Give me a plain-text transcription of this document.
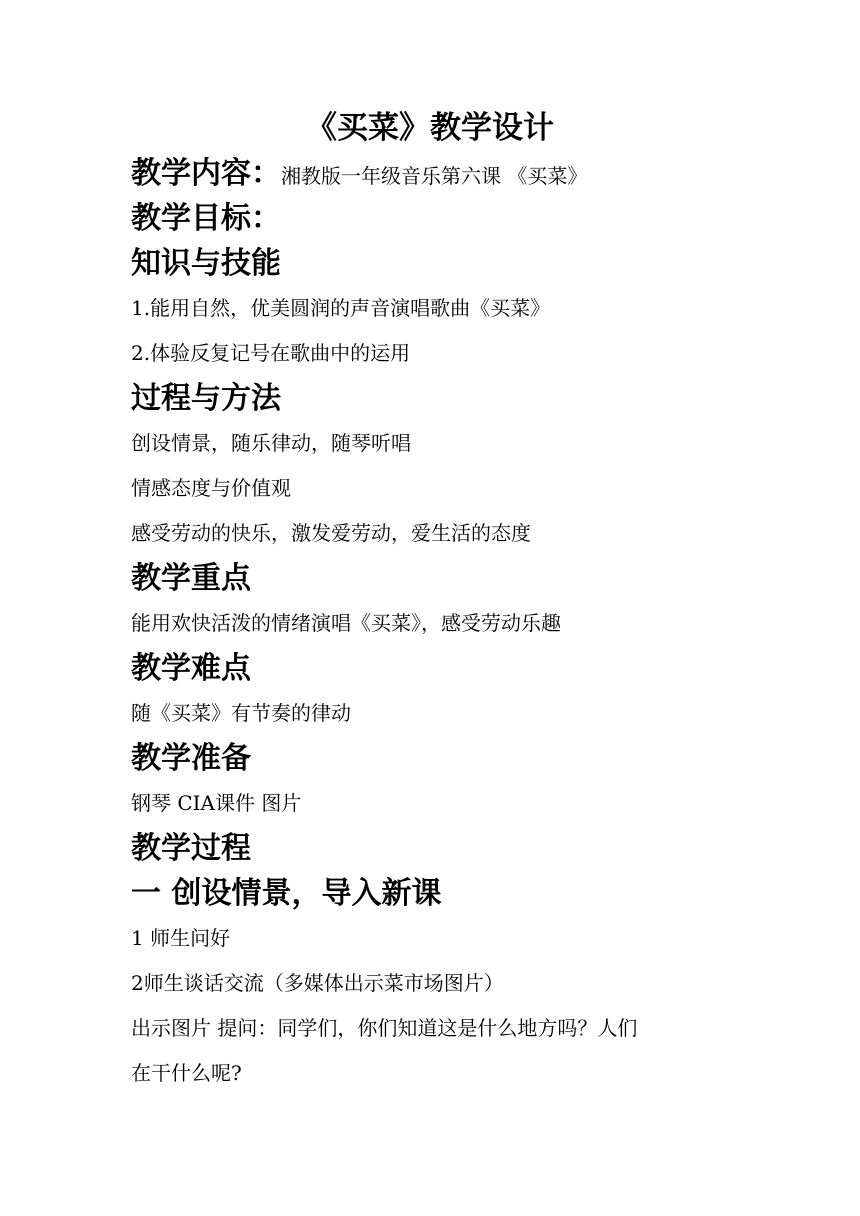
《买菜》教学设计
教学内容：湘教版一年级音乐第六课 《买菜》
教学目标：
知识与技能
1.能用自然，优美圆润的声音演唱歌曲《买菜》
2.体验反复记号在歌曲中的运用
过程与方法
创设情景，随乐律动，随琴听唱
情感态度与价值观
感受劳动的快乐，激发爱劳动，爱生活的态度
教学重点
能用欢快活泼的情绪演唱《买菜》，感受劳动乐趣
教学难点
随《买菜》有节奏的律动
教学准备
钢琴 CIA课件 图片
教学过程
一 创设情景，导入新课
1 师生问好
2师生谈话交流（多媒体出示菜市场图片）
出示图片 提问：同学们，你们知道这是什么地方吗？人们
在干什么呢?
